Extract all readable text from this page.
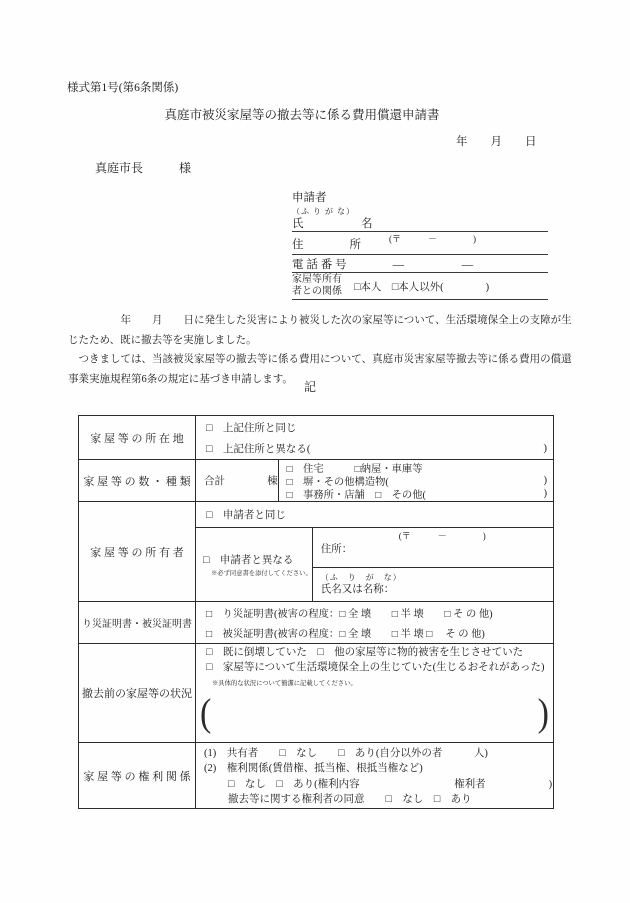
様式第1号(第6条関係)
真庭市被災家屋等の撤去等に係る費用償還申請書
年　　月　　日
真庭市長　　　様
申請者
（ふ り が な）
氏　　　　　名
住　　　　所	(〒　　　－　　　　)
電 話 番 号	―　　　　　―
家屋等所有
者との関係 □本人　□本人以外(　　　　)
　　　　　年　　月　　日に発生した災害により被災した次の家屋等について、生活環境保全上の支障が生
じたため、既に撤去等を実施しました。
　つきましては、当該被災家屋等の撤去等に係る費用について、真庭市災害家屋等撤去等に係る費用の償還
事業実施規程第6条の規定に基づき申請します。
記
家 屋 等 の 所 在 地
□　上記住所と同じ
□　上記住所と異なる(	)
家 屋 等 の 数 ・ 種 類	合計　　　　棟
□　住宅　　　□納屋・車庫等
□　塀・その他構造物(	)
□　事務所・店舗　□　その他(	)
家 屋 等 の 所 有 者
□　申請者と同じ
□　申請者と異なる
※必ず同意書を添付してください。
(〒　　　－　　　　)
住所：
（ふ　り　が　な）
氏名又は名称：
り災証明書・被災証明書
□　り災証明書(被害の程度：□ 全 壊　　□ 半 壊　　□ そ の 他)
□　被災証明書(被害の程度：□ 全 壊　　□ 半 壊 □　 そ の 他)
撤去前の家屋等の状況
□　既に倒壊していた　□　他の家屋等に物的被害を生じさせていた
□　家屋等について生活環境保全上の生じていた(生じるおそれがあった)
※具体的な状況について簡潔に記載してください。
(	)
家 屋 等 の 権 利 関 係
(1)　共有者　　□　なし　　□　あり(自分以外の者　　　人)
(2)　権利関係(賃借権、抵当権、根抵当権など)
□　なし　□　あり(権利内容　　　　　　　　　権利者　　　　　　)
撤去等に関する権利者の同意　　□　なし　□　あり
